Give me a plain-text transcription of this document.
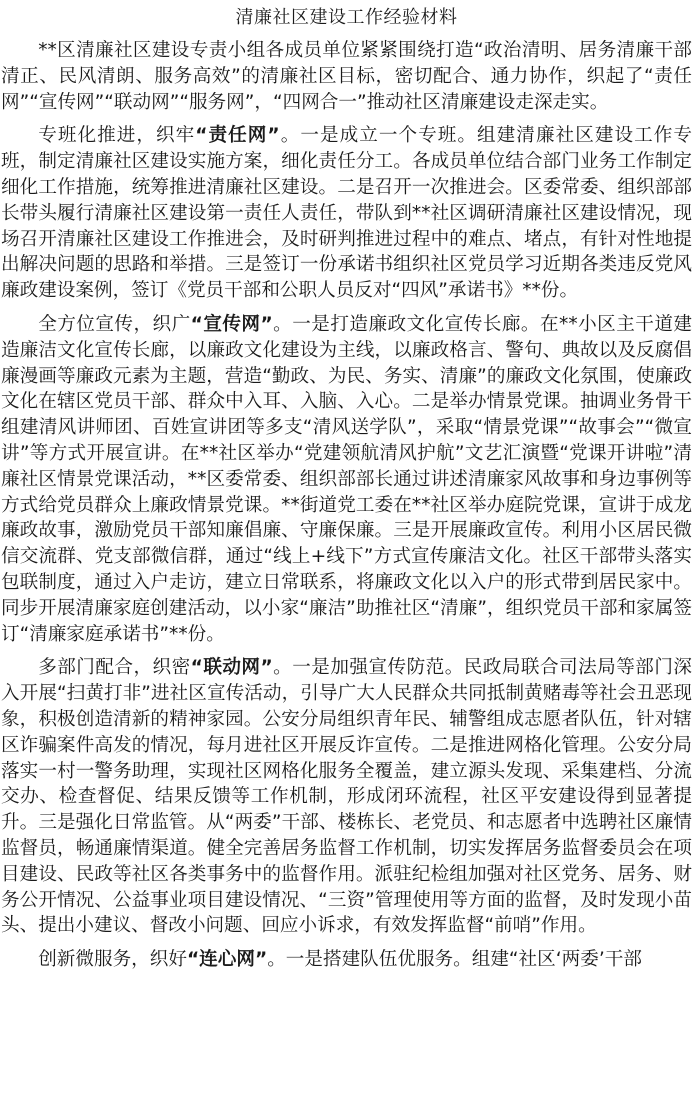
清廉社区建设工作经验材料

**区清廉社区建设专责小组各成员单位紧紧围绕打造“政治清明、居务清廉干部清正、民风清朗、服务高效”的清廉社区目标，密切配合、通力协作，织起了“责任网”“宣传网”“联动网”“服务网”，“四网合一”推动社区清廉建设走深走实。

专班化推进，织牢“责任网”。一是成立一个专班。组建清廉社区建设工作专班，制定清廉社区建设实施方案，细化责任分工。各成员单位结合部门业务工作制定细化工作措施，统筹推进清廉社区建设。二是召开一次推进会。区委常委、组织部部长带头履行清廉社区建设第一责任人责任，带队到**社区调研清廉社区建设情况，现场召开清廉社区建设工作推进会，及时研判推进过程中的难点、堵点，有针对性地提出解决问题的思路和举措。三是签订一份承诺书组织社区党员学习近期各类违反党风廉政建设案例，签订《党员干部和公职人员反对“四风”承诺书》**份。

全方位宣传，织广“宣传网”。一是打造廉政文化宣传长廊。在**小区主干道建造廉洁文化宣传长廊，以廉政文化建设为主线，以廉政格言、警句、典故以及反腐倡廉漫画等廉政元素为主题，营造“勤政、为民、务实、清廉”的廉政文化氛围，使廉政文化在辖区党员干部、群众中入耳、入脑、入心。二是举办情景党课。抽调业务骨干组建清风讲师团、百姓宣讲团等多支“清风送学队”，采取“情景党课”“故事会”“微宣讲”等方式开展宣讲。在**社区举办“党建领航清风护航”文艺汇演暨“党课开讲啦”清廉社区情景党课活动，**区委常委、组织部部长通过讲述清廉家风故事和身边事例等方式给党员群众上廉政情景党课。**街道党工委在**社区举办庭院党课，宣讲于成龙廉政故事，激励党员干部知廉倡廉、守廉保廉。三是开展廉政宣传。利用小区居民微信交流群、党支部微信群，通过“线上+线下”方式宣传廉洁文化。社区干部带头落实包联制度，通过入户走访，建立日常联系，将廉政文化以入户的形式带到居民家中。同步开展清廉家庭创建活动，以小家“廉洁”助推社区“清廉”，组织党员干部和家属签订“清廉家庭承诺书”**份。

多部门配合，织密“联动网”。一是加强宣传防范。民政局联合司法局等部门深入开展“扫黄打非”进社区宣传活动，引导广大人民群众共同抵制黄赌毒等社会丑恶现象，积极创造清新的精神家园。公安分局组织青年民、辅警组成志愿者队伍，针对辖区诈骗案件高发的情况，每月进社区开展反诈宣传。二是推进网格化管理。公安分局落实一村一警务助理，实现社区网格化服务全覆盖，建立源头发现、采集建档、分流交办、检查督促、结果反馈等工作机制，形成闭环流程，社区平安建设得到显著提升。三是强化日常监管。从“两委”干部、楼栋长、老党员、和志愿者中选聘社区廉情监督员，畅通廉情渠道。健全完善居务监督工作机制，切实发挥居务监督委员会在项目建设、民政等社区各类事务中的监督作用。派驻纪检组加强对社区党务、居务、财务公开情况、公益事业项目建设情况、“三资”管理使用等方面的监督，及时发现小苗头、提出小建议、督改小问题、回应小诉求，有效发挥监督“前哨”作用。

创新微服务，织好“连心网”。一是搭建队伍优服务。组建“社区‘两委’干部
